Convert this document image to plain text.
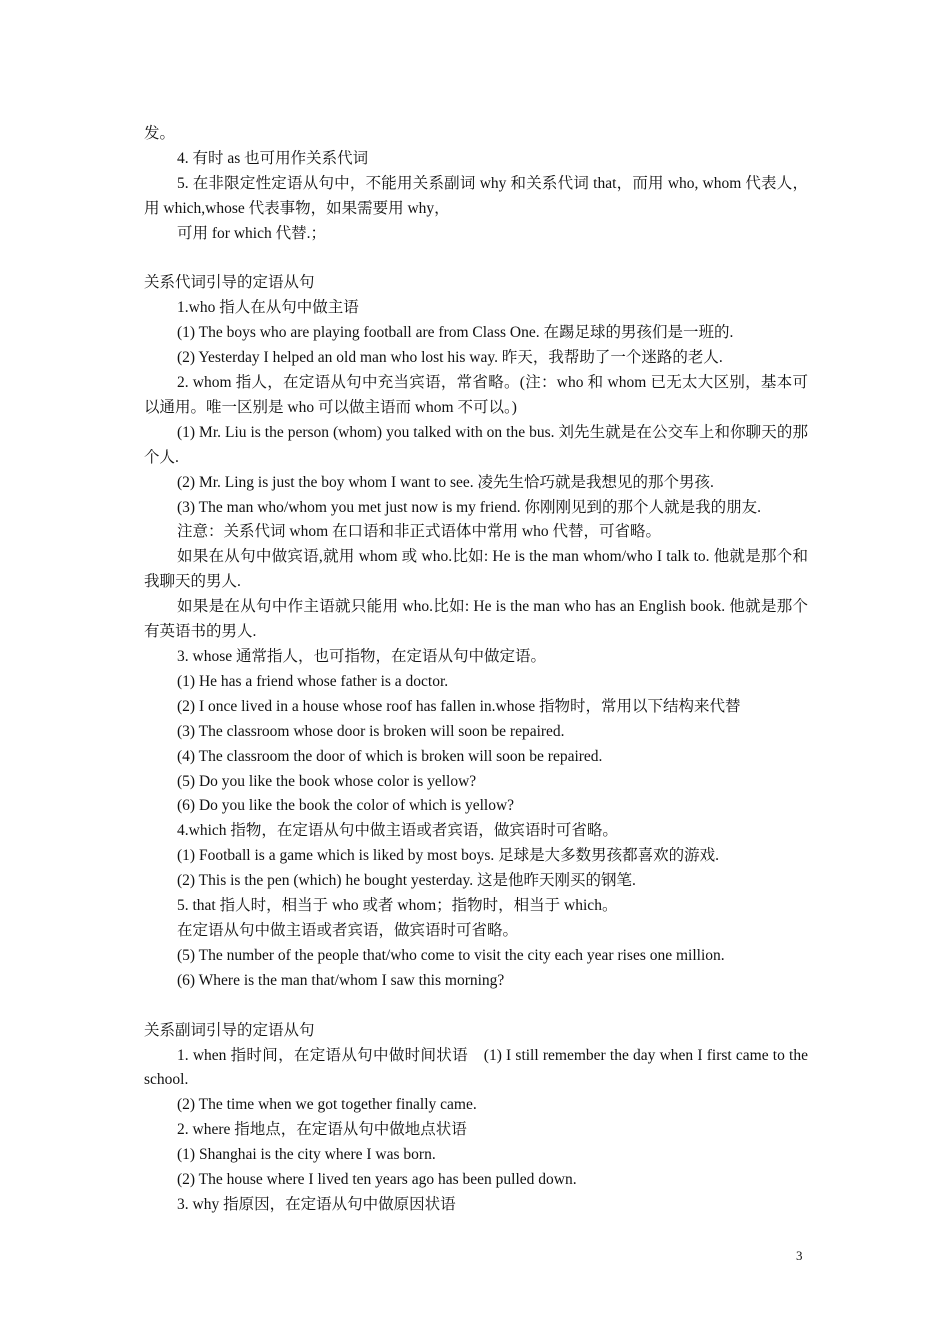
发。
4. 有时 as 也可用作关系代词
5. 在非限定性定语从句中，不能用关系副词 why 和关系代词 that，而用 who, whom 代表人，用 which,whose 代表事物，如果需要用 why，
可用 for which 代替.；
关系代词引导的定语从句
1.who 指人在从句中做主语
(1) The boys who are playing football are from Class One. 在踢足球的男孩们是一班的.
(2) Yesterday I helped an old man who lost his way. 昨天，我帮助了一个迷路的老人.
2. whom 指人，在定语从句中充当宾语，常省略。(注：who 和 whom 已无太大区别，基本可以通用。唯一区别是 who 可以做主语而 whom 不可以。)
(1) Mr. Liu is the person (whom) you talked with on the bus. 刘先生就是在公交车上和你聊天的那个人.
(2) Mr. Ling is just the boy whom I want to see. 凌先生恰巧就是我想见的那个男孩.
(3) The man who/whom you met just now is my friend. 你刚刚见到的那个人就是我的朋友.
注意：关系代词 whom 在口语和非正式语体中常用 who 代替，可省略。
如果在从句中做宾语,就用 whom 或 who.比如: He is the man whom/who I talk to. 他就是那个和我聊天的男人.
如果是在从句中作主语就只能用 who.比如: He is the man who has an English book. 他就是那个有英语书的男人.
3. whose 通常指人，也可指物，在定语从句中做定语。
(1) He has a friend whose father is a doctor.
(2) I once lived in a house whose roof has fallen in.whose 指物时，常用以下结构来代替
(3) The classroom whose door is broken will soon be repaired.
(4) The classroom the door of which is broken will soon be repaired.
(5) Do you like the book whose color is yellow?
(6) Do you like the book the color of which is yellow?
4.which 指物，在定语从句中做主语或者宾语，做宾语时可省略。
(1) Football is a game which is liked by most boys. 足球是大多数男孩都喜欢的游戏.
(2) This is the pen (which) he bought yesterday. 这是他昨天刚买的钢笔.
5. that 指人时，相当于 who 或者 whom；指物时，相当于 which。
在定语从句中做主语或者宾语，做宾语时可省略。
(5) The number of the people that/who come to visit the city each year rises one million.
(6) Where is the man that/whom I saw this morning?
关系副词引导的定语从句
1. when 指时间，在定语从句中做时间状语　(1) I still remember the day when I first came to the school.
(2) The time when we got together finally came.
2. where 指地点，在定语从句中做地点状语
(1) Shanghai is the city where I was born.
(2) The house where I lived ten years ago has been pulled down.
3. why 指原因，在定语从句中做原因状语
3
